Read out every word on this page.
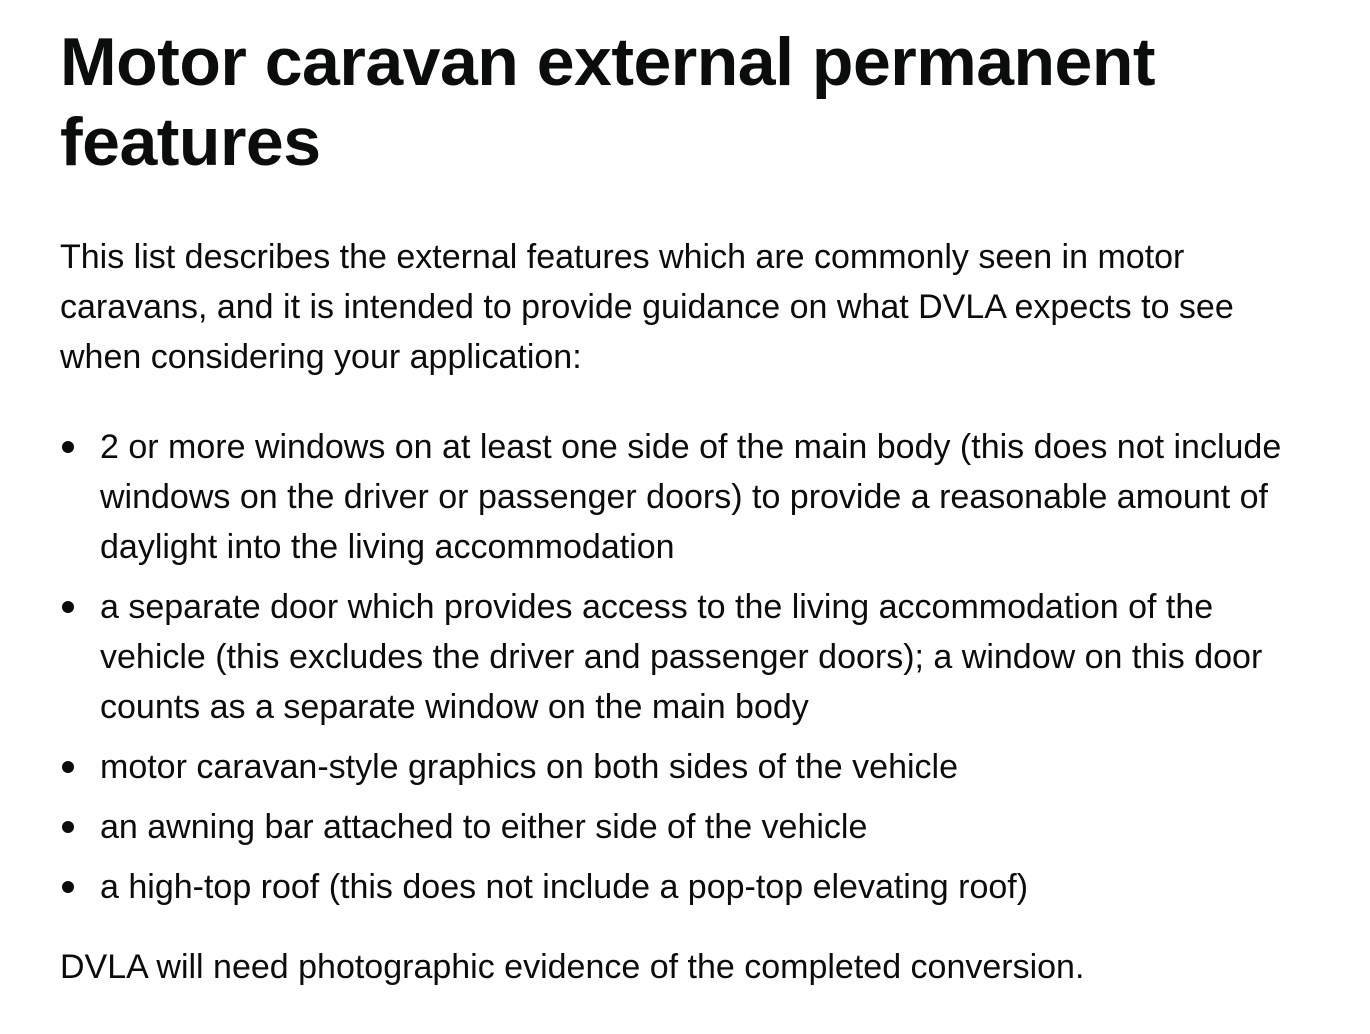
Motor caravan external permanent features

This list describes the external features which are commonly seen in motor caravans, and it is intended to provide guidance on what DVLA expects to see when considering your application:

2 or more windows on at least one side of the main body (this does not include windows on the driver or passenger doors) to provide a reasonable amount of daylight into the living accommodation
a separate door which provides access to the living accommodation of the vehicle (this excludes the driver and passenger doors); a window on this door counts as a separate window on the main body
motor caravan-style graphics on both sides of the vehicle
an awning bar attached to either side of the vehicle
a high-top roof (this does not include a pop-top elevating roof)

DVLA will need photographic evidence of the completed conversion.
